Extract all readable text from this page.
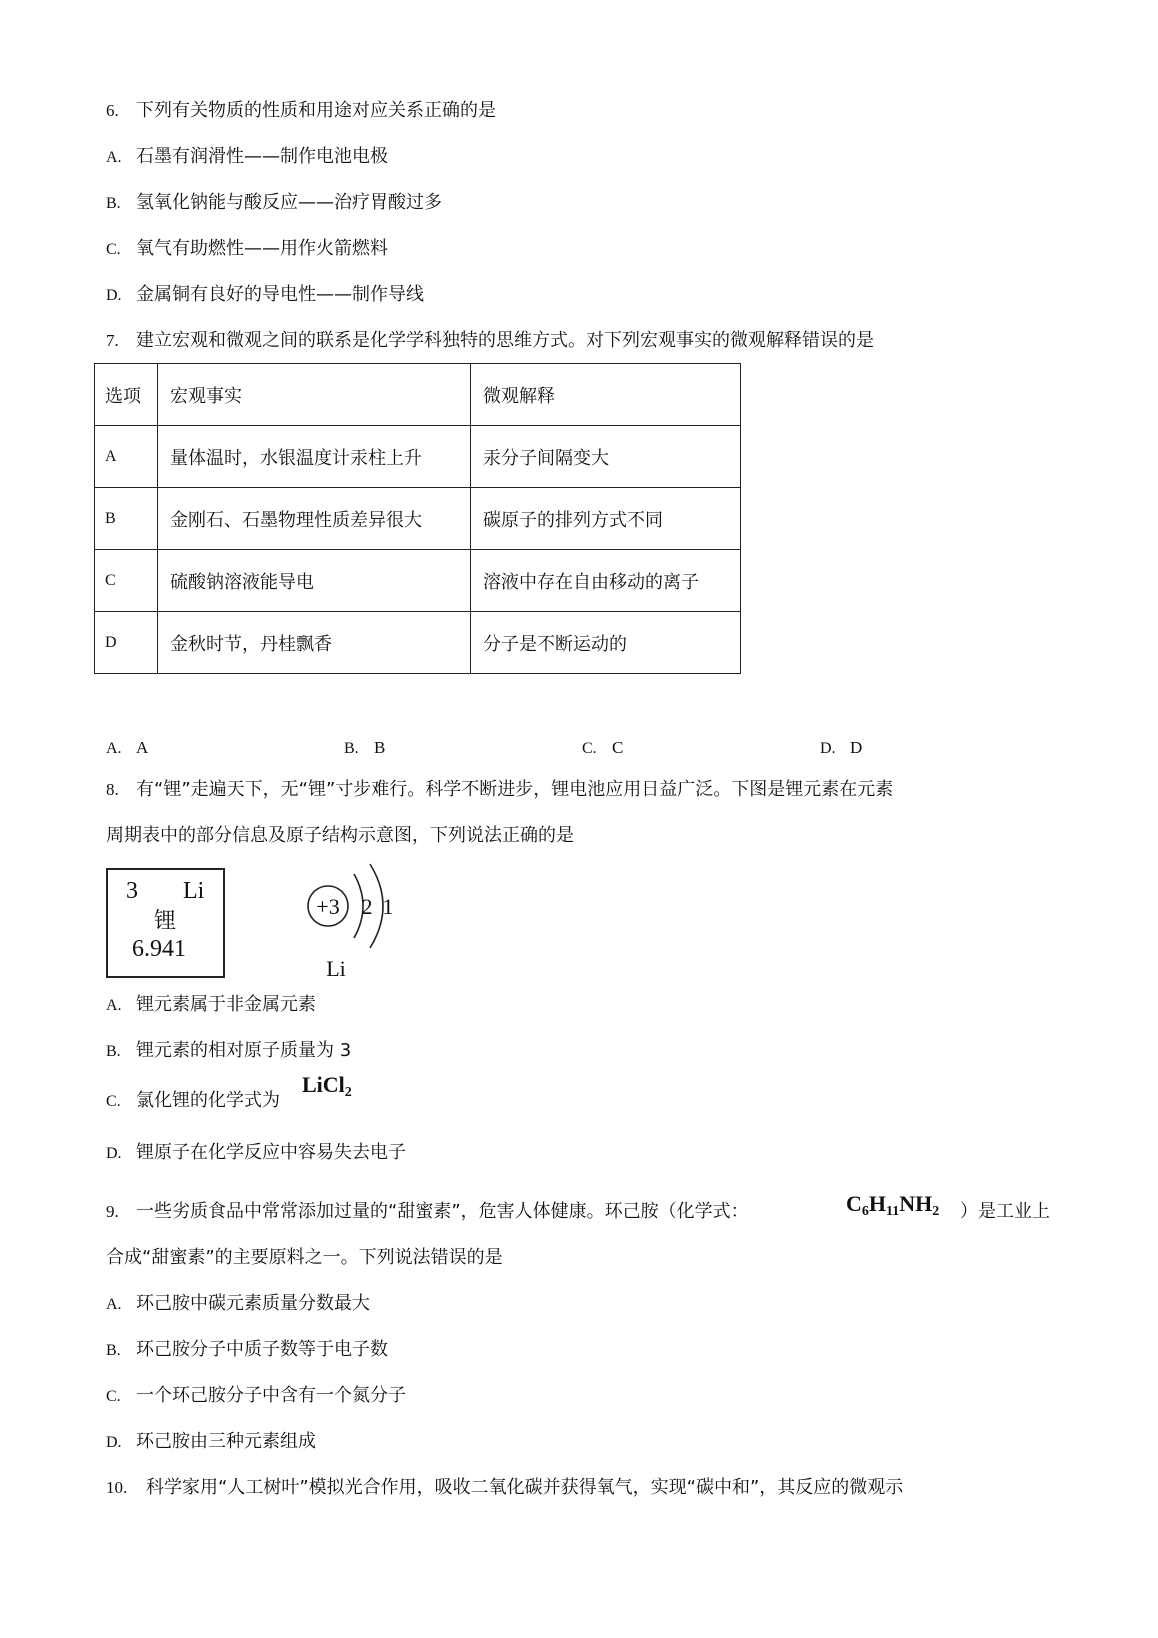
6. 下列有关物质的性质和用途对应关系正确的是
A. 石墨有润滑性——制作电池电极
B. 氢氧化钠能与酸反应——治疗胃酸过多
C. 氧气有助燃性——用作火箭燃料
D. 金属铜有良好的导电性——制作导线
7. 建立宏观和微观之间的联系是化学学科独特的思维方式。对下列宏观事实的微观解释错误的是
选项	宏观事实	微观解释
A	量体温时，水银温度计汞柱上升	汞分子间隔变大
B	金刚石、石墨物理性质差异很大	碳原子的排列方式不同
C	硫酸钠溶液能导电	溶液中存在自由移动的离子
D	金秋时节，丹桂飘香	分子是不断运动的
A. A	B. B	C. C	D. D
8. 有“锂”走遍天下，无“锂”寸步难行。科学不断进步，锂电池应用日益广泛。下图是锂元素在元素
周期表中的部分信息及原子结构示意图，下列说法正确的是
3 Li
锂
6.941
+3 2 1
Li
A. 锂元素属于非金属元素
B. 锂元素的相对原子质量为 3
C. 氯化锂的化学式为
LiCl$_2$
D. 锂原子在化学反应中容易失去电子
9. 一些劣质食品中常常添加过量的“甜蜜素”，危害人体健康。环己胺（化学式：	$C_6H_{11}NH_2$ ）是工业上
合成“甜蜜素”的主要原料之一。下列说法错误的是
A. 环己胺中碳元素质量分数最大
B. 环己胺分子中质子数等于电子数
C. 一个环己胺分子中含有一个氮分子
D. 环己胺由三种元素组成
10. 科学家用“人工树叶”模拟光合作用，吸收二氧化碳并获得氧气，实现“碳中和”，其反应的微观示
